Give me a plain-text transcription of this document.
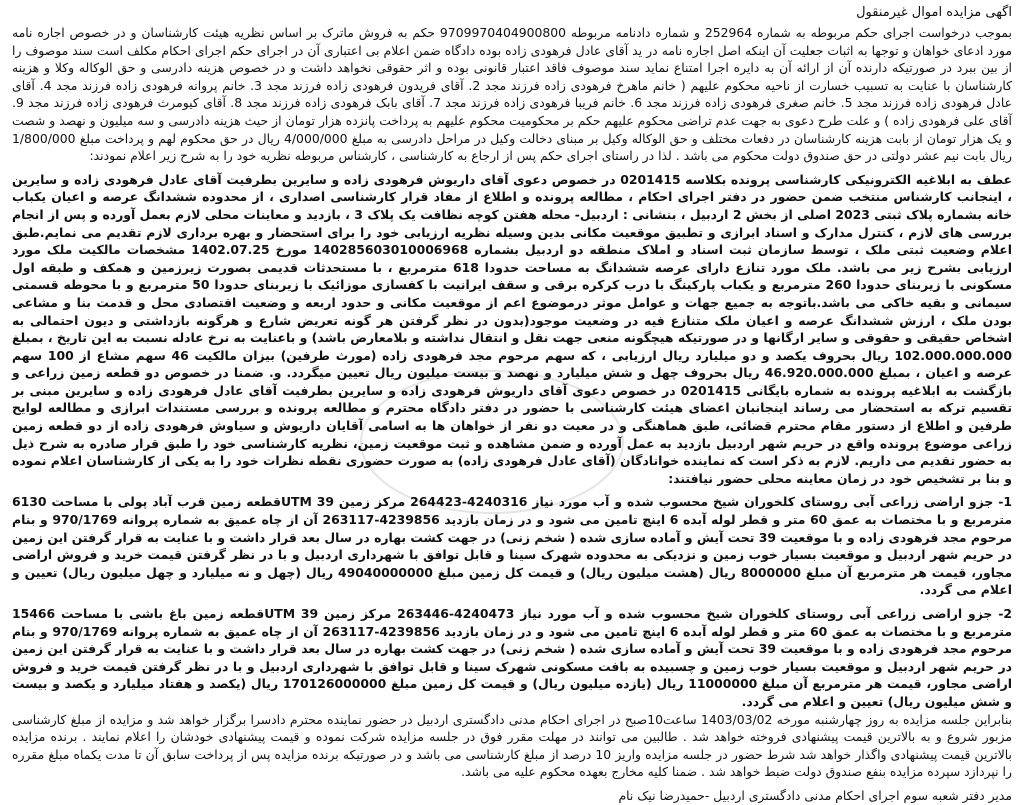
اگهی مزایده اموال غیرمنقول

بموجب درخواست اجرای حکم مربوطه به شماره 252964 و شماره دادنامه مربوطه 9709970404900800 حکم به فروش ماترک بر اساس نظریه هیئت کارشناسان و در خصوص اجاره نامه مورد ادعای خواهان و توجها به اثبات جعلیت آن اینکه اصل اجاره نامه در ید آقای عادل فرهودی زاده بوده دادگاه ضمن اعلام بی اعتباری آن در اجرای حکم اجرای احکام مکلف است سند موصوف را از بین ببرد در صورتیکه دارنده آن از ارائه آن به دایره اجرا امتناع نماید سند موصوف فاقد اعتبار قانونی بوده و اثر حقوقی نخواهد داشت و در خصوص هزینه دادرسی و حق الوکاله وکلا و هزینه کارشناسان با عنایت به تسبیب خسارت از ناحیه محکوم علیهم ( خانم ماهرخ فرهودی زاده فرزند مجد 2. آقای فریدون فرهودی زاده فرزند مجد 3. خانم پروانه فرهودی زاده فرزند مجد 4. آقای عادل فرهودی زاده فرزند مجد 5. خانم صغری فرهودی زاده فرزند مجد 6. خانم فریبا فرهودی زاده فرزند مجد 7. آقای بابک فرهودی زاده فرزند مجد 8. آقای کیومرث فرهودی زاده فرزند مجد 9. آقای علی فرهودی زاده ) و علت طرح دعوی به جهت عدم تراضی محکوم علیهم حکم بر محکومیت محکوم علیهم به پرداخت پانزده هزار تومان از حیث هزینه دادرسی و سه میلیون و نهصد و شصت و یک هزار تومان از بابت هزینه کارشناسان در دفعات مختلف و حق الوکاله وکیل بر مبنای دخالت وکیل در مراحل دادرسی به مبلغ 4/000/000 ریال در حق محکوم لهم و پرداخت مبلغ 1/800/000 ریال بابت نیم عشر دولتی در حق صندوق دولت محکوم می باشد . لذا در راستای اجرای حکم پس از ارجاع به کارشناسی ، کارشناس مربوطه نظریه خود را به شرح زیر اعلام نمودند:

عطف به ابلاغیه الکترونیکی کارشناسی پرونده بکلاسه 0201415 در خصوص دعوی آقای داریوش فرهودی زاده و سایرین بطرفیت آقای عادل فرهودی زاده و سایرین ، اینجانب کارشناس منتخب ضمن حضور در دفتر اجرای احکام ، مطالعه پرونده و اطلاع از مفاد قرار کارشناسی اصداری ، از محدوده ششدانگ عرصه و اعیان یکباب خانه بشماره پلاک ثبتی 2023 اصلی از بخش 2 اردبیل ، بنشانی : اردبیل- محله هفتن کوچه نظافت یک پلاک 3 ، بازدید و معاینات محلی لازم بعمل آورده و پس از انجام بررسی های لازم ، کنترل مدارک و اسناد ابرازی و تطبیق موقعیت مکانی بدین وسیله نظریه ارزیابی خود را برای استحضار و بهره برداری لازم تقدیم می نمایم.طبق اعلام وضعیت ثبتی ملک ، توسط سازمان ثبت اسناد و املاک منطقه دو اردبیل بشماره 140285603010006968 مورخ 1402.07.25 مشخصات مالکیت ملک مورد ارزیابی بشرح زیر می باشد. ملک مورد تنازع دارای عرصه ششدانگ به مساحت حدودا 618 مترمربع ، با مستحدثات قدیمی بصورت زیرزمین و همکف و طبقه اول مسکونی با زیربنای حدودا 260 مترمربع و یکباب پارکینگ با درب کرکره برقی و سقف ایرانیت با کفسازی موزائیک با زیربنای حدودا 50 مترمربع و با محوطه قسمتی سیمانی و بقیه خاکی می باشد.باتوجه به جمیع جهات و عوامل موثر درموضوع اعم از موقعیت مکانی و حدود اربعه و وضعیت اقتصادی محل و قدمت بنا و مشاعی بودن ملک ، ارزش ششدانگ عرصه و اعیان ملک متنازع فیه در وضعیت موجود(بدون در نظر گرفتن هر گونه تعریض شارع و هرگونه بازداشتی و دیون احتمالی به اشخاص حقیقی و حقوقی و سایر ارگانها و در صورتیکه هیچگونه منعی جهت نقل و انتقال نداشته و بلامعارض باشد) و باعنایت به نرخ عادله نسبت به این تاریخ ، بمبلغ 102.000.000.000 ریال بحروف یکصد و دو میلیارد ریال ارزیابی ، که سهم مرحوم مجد فرهودی زاده (مورث طرفین) بیزان مالکیت 46 سهم مشاع از 100 سهم عرصه و اعیان ، بمبلغ 46.920.000.000 ریال بحروف چهل و شش میلیارد و نهصد و بیست میلیون ریال تعیین میگردد. و. ضمنا در خصوص دو قطعه زمین زراعی و بازگشت به ابلاغیه پرونده به شماره بایگانی 0201415 در خصوص دعوی آقای داریوش فرهودی زاده و سایرین بطرفیت آقای عادل فرهودی زاده و سایرین مبنی بر تقسیم ترکه به استحضار می رساند اینجانبان اعضای هیئت کارشناسی با حضور در دفتر دادگاه محترم و مطالعه پرونده و بررسی مستندات ابرازی و مطالعه لوایح طرفین و اطلاع از دستور مقام محترم قضائی، طبق هماهنگی و در معیت دو نفر از خواهان ها به اسامی آقایان داریوش و سیاوش فرهودی زاده از دو قطعه زمین زراعی موضوع پرونده واقع در حریم شهر اردبیل بازدید به عمل آورده و ضمن مشاهده و ثبت موقعیت زمین، نظریه کارشناسی خود را طبق قرار صادره به شرح ذیل به حضور تقدیم می داریم. لازم به ذکر است که نماینده خوانادگان (آقای عادل فرهودی زاده) به صورت حضوری نقطه نظرات خود را به یکی از کارشناسان اعلام نموده و بنا بر تشخیص خود در زمان معاینه محلی حضور نیافتند:

1- جزو اراضی زراعی آبی روستای کلخوران شیخ محسوب شده و آب مورد نیاز 4240316-264423 مرکز زمین 39 UTMقطعه زمین قرب آباد پولی با مساحت 6130 مترمربع و با مختصات به عمق 60 متر و قطر لوله آبده 6 اینچ تامین می شود و در زمان بازدید 4239856-263117 آن از چاه عمیق به شماره پروانه 970/1769 و بنام مرحوم مجد فرهودی زاده و با موقعیت 39 تحت آیش و آماده سازی شده ( شخم زنی) در جهت کشت بهاره در سال بعد قرار داشت و با عنایت به قرار گرفتن این زمین در حریم شهر اردبیل و موقعیت بسیار خوب زمین و نزدیکی به محدوده شهرک سینا و قابل توافق با شهرداری اردبیل و با در نظر گرفتن قیمت خرید و فروش اراضی مجاور، قیمت هر مترمربع آن مبلغ 8000000 ریال (هشت میلیون ریال) و قیمت کل زمین مبلغ 49040000000 ریال (چهل و نه میلیارد و چهل میلیون ریال) تعیین و اعلام می گردد.

2- جزو اراضی زراعی آبی روستای کلخوران شیخ محسوب شده و آب مورد نیاز 4240473-263446 مرکز زمین 39 UTMقطعه زمین باغ باشی با مساحت 15466 مترمربع و با مختصات به عمق 60 متر و قطر لوله آبده 6 اینچ تامین می شود و در زمان بازدید 4239856-263117 آن از چاه عمیق به شماره پروانه 970/1769 و بنام مرحوم مجد فرهودی زاده و با موقعیت 39 تحت آیش و آماده سازی شده ( شخم زنی) در جهت کشت بهاره در سال بعد قرار داشت و با عنایت به قرار گرفتن این زمین در حریم شهر اردبیل و موقعیت بسیار خوب زمین و چسبیده به بافت مسکونی شهرک سینا و قابل توافق با شهرداری اردبیل و با در نظر گرفتن قیمت خرید و فروش اراضی مجاور، قیمت هر مترمربع آن مبلغ 11000000 ریال (یازده میلیون ریال) و قیمت کل زمین مبلغ 170126000000 ریال (یکصد و هفتاد میلیارد و یکصد و بیست و شش میلیون ریال) تعیین و اعلام می گردد.

بنابراین جلسه مزایده به روز چهارشنبه مورخه 1403/03/02 ساعت10صبح در اجرای احکام مدنی دادگستری اردبیل در حضور نماینده محترم دادسرا برگزار خواهد شد و مزایده از مبلغ کارشناسی مزبور شروع و به بالاترین قیمت پیشنهادی فروخته خواهد شد . طالبین می توانند در مهلت مقرر فوق در جلسه مزایده شرکت نموده و قیمت پیشنهادی خودشان را اعلام نمایند . برنده مزایده بالاترین قیمت پیشنهادی واگذار خواهد شد شرط حضور در جلسه مزایده واریز 10 درصد از مبلغ کارشناسی می باشد و در صورتیکه برنده مزایده پس از پرداخت سابق آن تا مدت یکماه مبلغ مقرره را نپردازد سپرده مزایده بنفع صندوق دولت ضبط خواهد شد . ضمنا کلیه مخارج بعهده محکوم علیه می باشد.

مدیر دفتر شعبه سوم اجرای احکام مدنی دادگستری اردبیل -حمیدرضا نیک نام
